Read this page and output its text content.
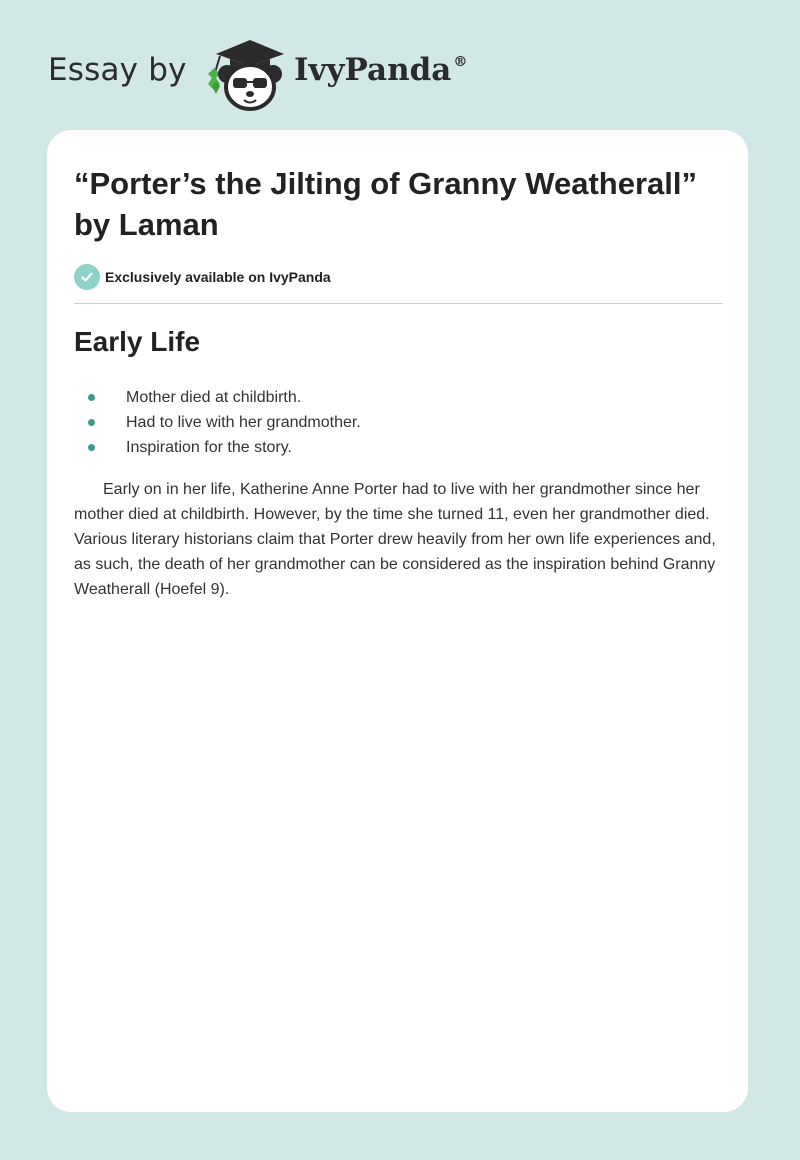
Essay by	IvyPanda ®
“Porter’s the Jilting of Granny Weatherall” by Laman
Exclusively available on IvyPanda
Early Life
Mother died at childbirth.
Had to live with her grandmother.
Inspiration for the story.

Early on in her life, Katherine Anne Porter had to live with her grandmother since her mother died at childbirth. However, by the time she turned 11, even her grandmother died. Various literary historians claim that Porter drew heavily from her own life experiences and, as such, the death of her grandmother can be considered as the inspiration behind Granny Weatherall (Hoefel 9).
